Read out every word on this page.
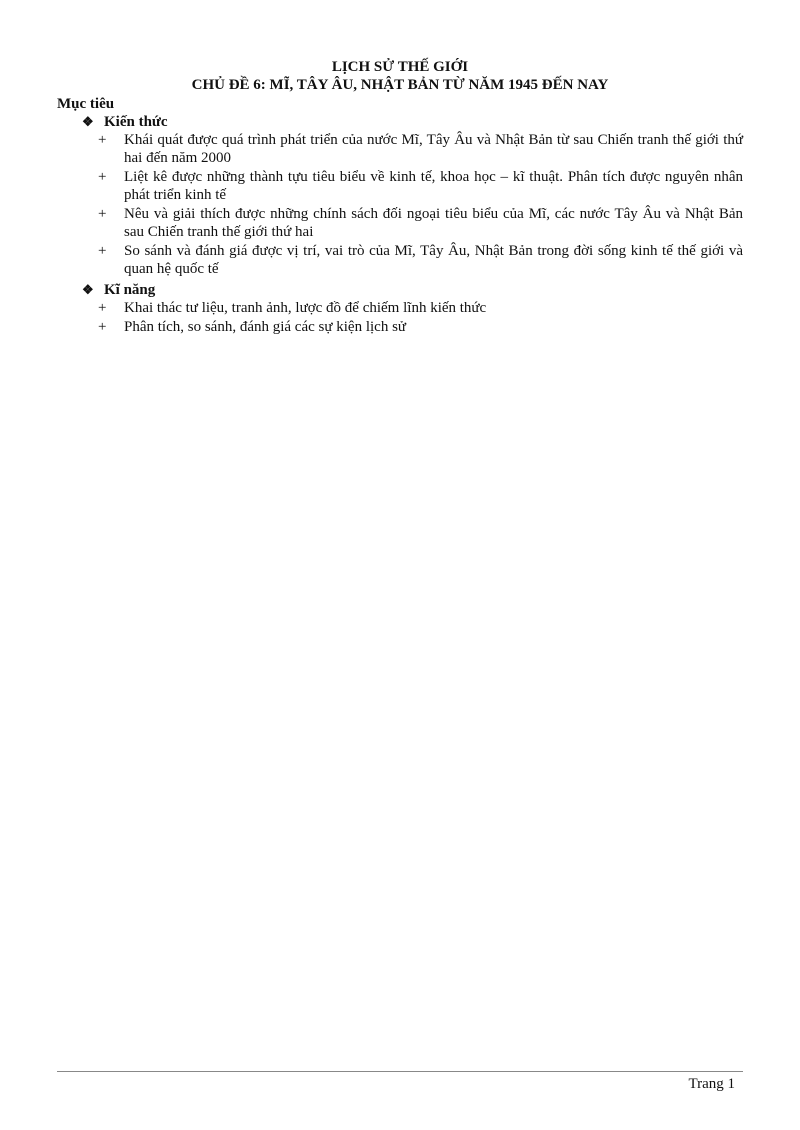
LỊCH SỬ THẾ GIỚI
CHỦ ĐỀ 6: MĨ, TÂY ÂU, NHẬT BẢN TỪ NĂM 1945 ĐẾN NAY
Mục tiêu
❖ Kiến thức
+ Khái quát được quá trình phát triển của nước Mĩ, Tây Âu và Nhật Bản từ sau Chiến tranh thế giới thứ hai đến năm 2000
+ Liệt kê được những thành tựu tiêu biểu về kinh tế, khoa học – kĩ thuật. Phân tích được nguyên nhân phát triển kinh tế
+ Nêu và giải thích được những chính sách đối ngoại tiêu biểu của Mĩ, các nước Tây Âu và Nhật Bản sau Chiến tranh thế giới thứ hai
+ So sánh và đánh giá được vị trí, vai trò của Mĩ, Tây Âu, Nhật Bản trong đời sống kinh tế thế giới và quan hệ quốc tế
❖ Kĩ năng
+ Khai thác tư liệu, tranh ảnh, lược đồ để chiếm lĩnh kiến thức
+ Phân tích, so sánh, đánh giá các sự kiện lịch sử
Trang 1
